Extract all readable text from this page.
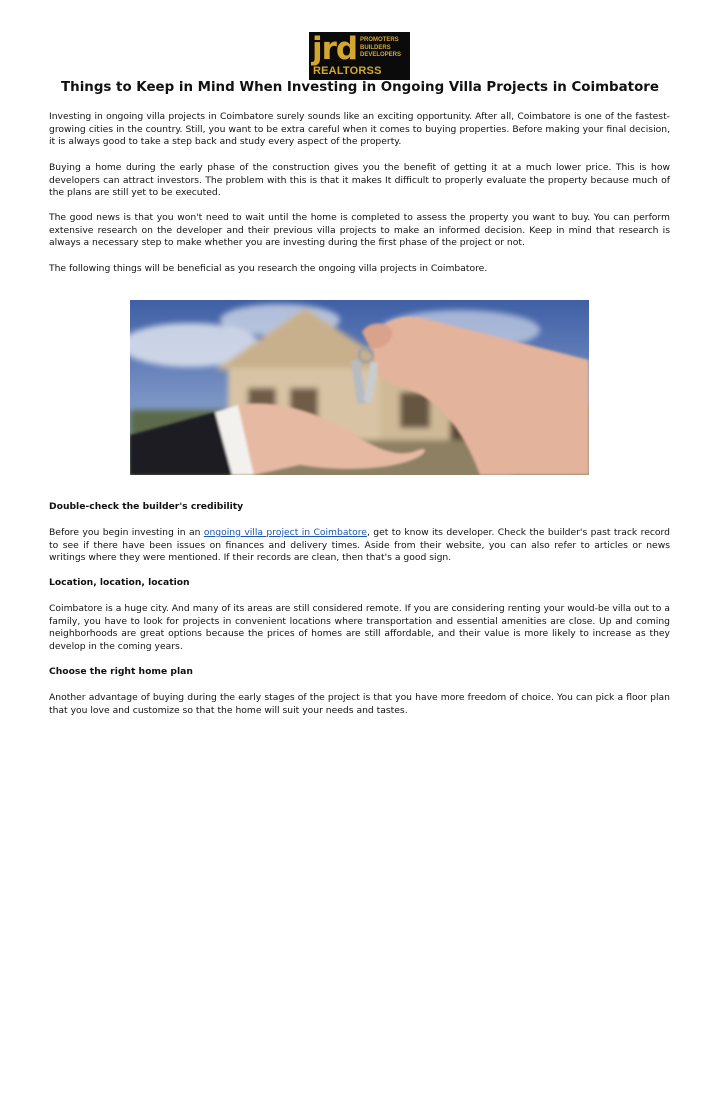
jrd PROMOTERS
BUILDERS
DEVELOPERS
REALTORSS
Things to Keep in Mind When Investing in Ongoing Villa Projects in Coimbatore

Investing in ongoing villa projects in Coimbatore surely sounds like an exciting opportunity. After all, Coimbatore is one of the fastest-growing cities in the country. Still, you want to be extra careful when it comes to buying properties. Before making your final decision, it is always good to take a step back and study every aspect of the property.

Buying a home during the early phase of the construction gives you the benefit of getting it at a much lower price. This is how developers can attract investors. The problem with this is that it makes It difficult to properly evaluate the property because much of the plans are still yet to be executed.

The good news is that you won't need to wait until the home is completed to assess the property you want to buy. You can perform extensive research on the developer and their previous villa projects to make an informed decision. Keep in mind that research is always a necessary step to make whether you are investing during the first phase of the project or not.

The following things will be beneficial as you research the ongoing villa projects in Coimbatore.

Double-check the builder's credibility

Before you begin investing in an ongoing villa project in Coimbatore, get to know its developer. Check the builder's past track record to see if there have been issues on finances and delivery times. Aside from their website, you can also refer to articles or news writings where they were mentioned. If their records are clean, then that's a good sign.

Location, location, location

Coimbatore is a huge city. And many of its areas are still considered remote. If you are considering renting your would-be villa out to a family, you have to look for projects in convenient locations where transportation and essential amenities are close. Up and coming neighborhoods are great options because the prices of homes are still affordable, and their value is more likely to increase as they develop in the coming years.

Choose the right home plan

Another advantage of buying during the early stages of the project is that you have more freedom of choice. You can pick a floor plan that you love and customize so that the home will suit your needs and tastes.
